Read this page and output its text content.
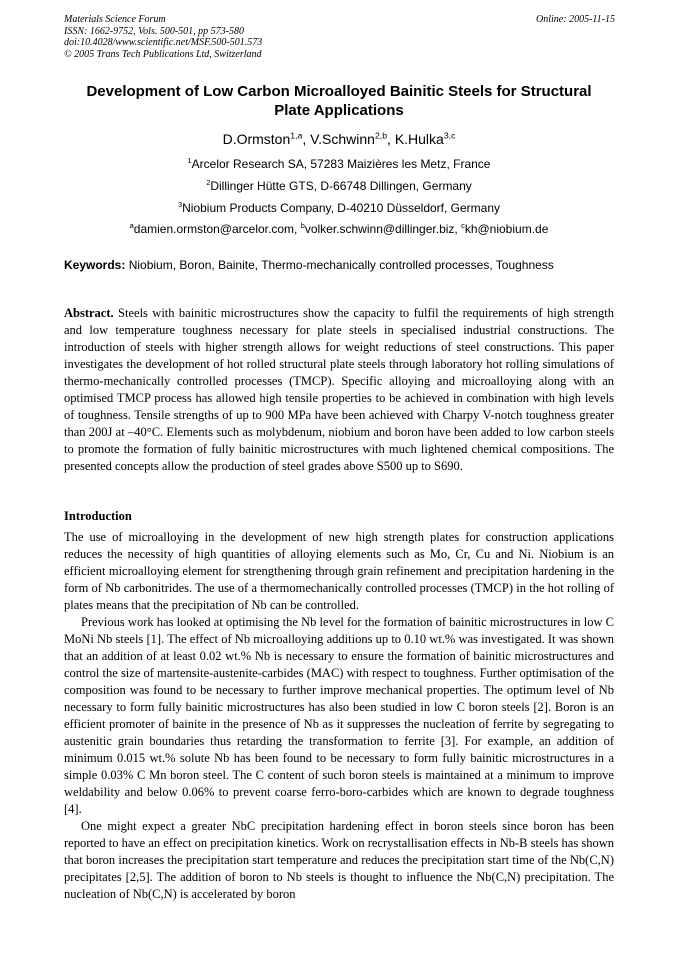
Materials Science Forum
ISSN: 1662-9752, Vols. 500-501, pp 573-580
doi:10.4028/www.scientific.net/MSF.500-501.573
© 2005 Trans Tech Publications Ltd, Switzerland
Online: 2005-11-15
Development of Low Carbon Microalloyed Bainitic Steels for Structural
Plate Applications
D.Ormston$^{1,a}$, V.Schwinn$^{2,b}$, K.Hulka$^{3,c}$
$^1$Arcelor Research SA, 57283 Maizières les Metz, France
$^2$Dillinger Hütte GTS, D-66748 Dillingen, Germany
$^3$Niobium Products Company, D-40210 Düsseldorf, Germany
$^a$damien.ormston@arcelor.com, $^b$volker.schwinn@dillinger.biz, $^c$kh@niobium.de
Keywords: Niobium, Boron, Bainite, Thermo-mechanically controlled processes, Toughness

Abstract. Steels with bainitic microstructures show the capacity to fulfil the requirements of high strength and low temperature toughness necessary for plate steels in specialised industrial constructions. The introduction of steels with higher strength allows for weight reductions of steel constructions. This paper investigates the development of hot rolled structural plate steels through laboratory hot rolling simulations of thermo-mechanically controlled processes (TMCP). Specific alloying and microalloying along with an optimised TMCP process has allowed high tensile properties to be achieved in combination with high levels of toughness. Tensile strengths of up to 900 MPa have been achieved with Charpy V-notch toughness greater than 200J at –40°C. Elements such as molybdenum, niobium and boron have been added to low carbon steels to promote the formation of fully bainitic microstructures with much lightened chemical compositions. The presented concepts allow the production of steel grades above S500 up to S690.

Introduction
The use of microalloying in the development of new high strength plates for construction applications reduces the necessity of high quantities of alloying elements such as Mo, Cr, Cu and Ni. Niobium is an efficient microalloying element for strengthening through grain refinement and precipitation hardening in the form of Nb carbonitrides. The use of a thermomechanically controlled processes (TMCP) in the hot rolling of plates means that the precipitation of Nb can be controlled.
Previous work has looked at optimising the Nb level for the formation of bainitic microstructures in low C MoNi Nb steels [1]. The effect of Nb microalloying additions up to 0.10 wt.% was investigated. It was shown that an addition of at least 0.02 wt.% Nb is necessary to ensure the formation of bainitic microstructures and control the size of martensite-austenite-carbides (MAC) with respect to toughness. Further optimisation of the composition was found to be necessary to further improve mechanical properties. The optimum level of Nb necessary to form fully bainitic microstructures has also been studied in low C boron steels [2]. Boron is an efficient promoter of bainite in the presence of Nb as it suppresses the nucleation of ferrite by segregating to austenitic grain boundaries thus retarding the transformation to ferrite [3]. For example, an addition of minimum 0.015 wt.% solute Nb has been found to be necessary to form fully bainitic microstructures in a simple 0.03% C Mn boron steel. The C content of such boron steels is maintained at a minimum to improve weldability and below 0.06% to prevent coarse ferro-boro-carbides which are known to degrade toughness [4].
One might expect a greater NbC precipitation hardening effect in boron steels since boron has been reported to have an effect on precipitation kinetics. Work on recrystallisation effects in Nb-B steels has shown that boron increases the precipitation start temperature and reduces the precipitation start time of the Nb(C,N) precipitates [2,5]. The addition of boron to Nb steels is thought to influence the Nb(C,N) precipitation. The nucleation of Nb(C,N) is accelerated by boron
